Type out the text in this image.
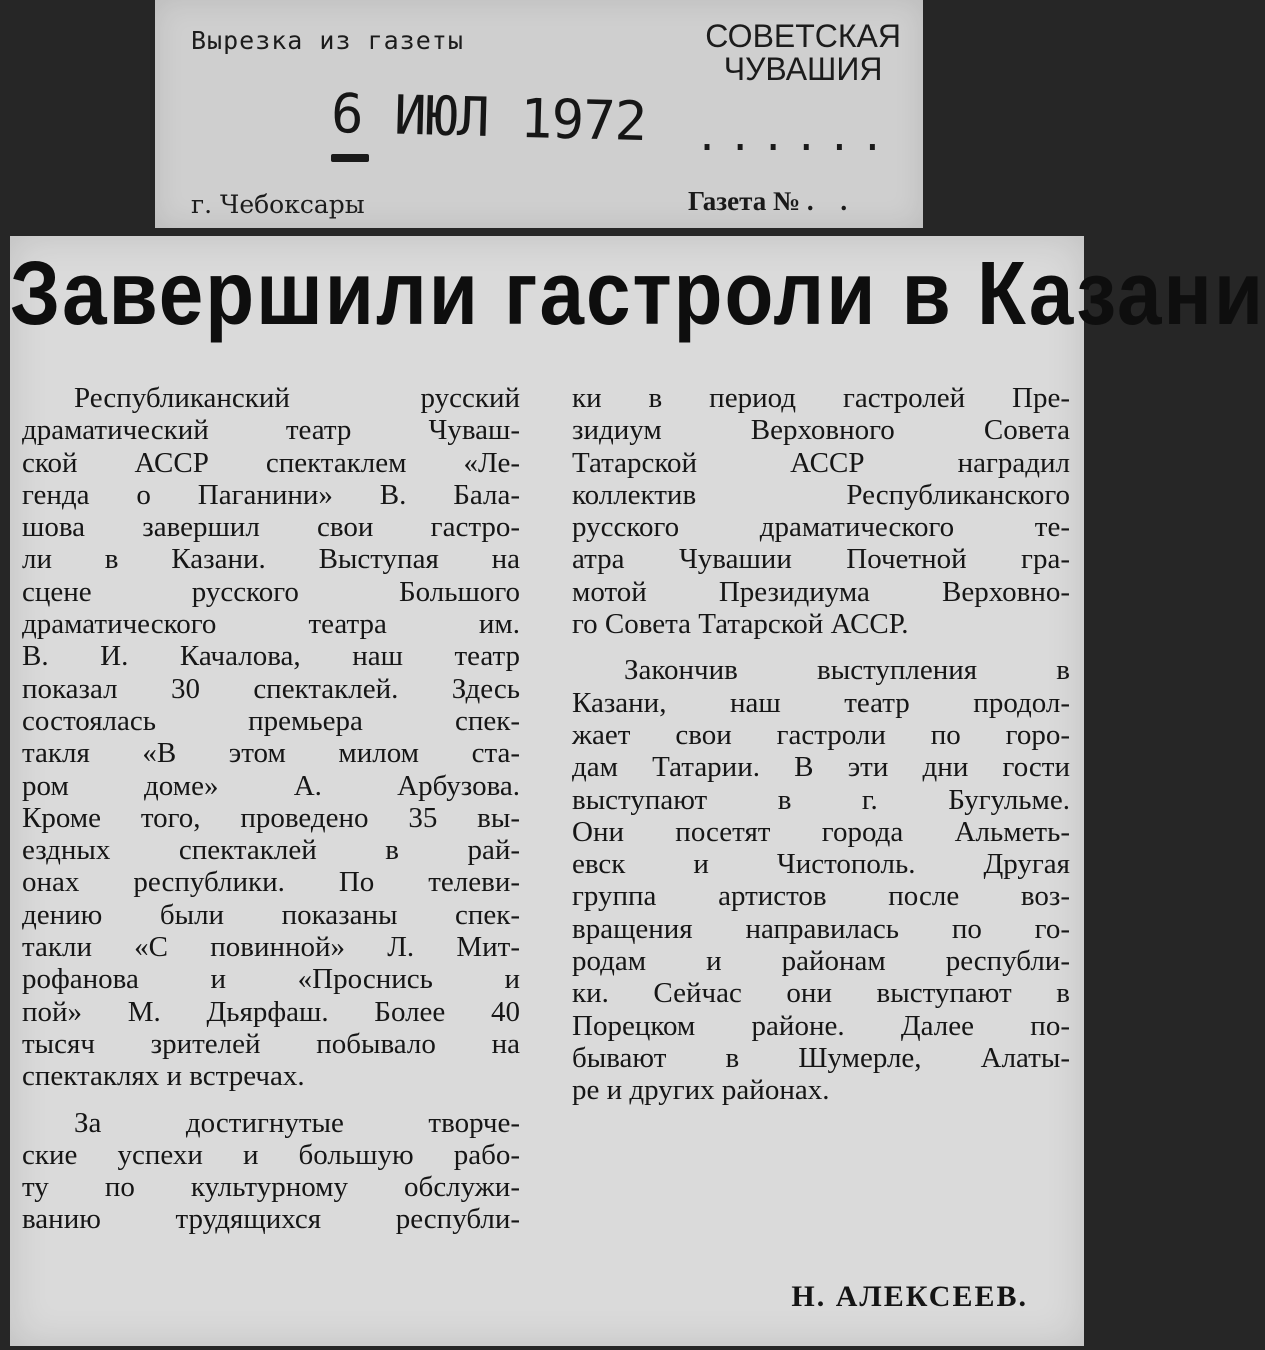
Вырезка из газеты	СОВЕТСКАЯ
ЧУВАШИЯ
6 ИЮЛ 1972 ......
г. Чебоксары	Газета № . .
Завершили гастроли в Казани

Республиканский русский
драматический театр Чуваш-
ской АССР спектаклем «Ле-
генда о Паганини» В. Бала-
шова завершил свои гастро-
ли в Казани. Выступая на
сцене русского Большого
драматического театра им.
В. И. Качалова, наш театр
показал 30 спектаклей. Здесь
состоялась премьера спек-
такля «В этом милом ста-
ром доме» А. Арбузова.
Кроме того, проведено 35 вы-
ездных спектаклей в рай-
онах республики. По телеви-
дению были показаны спек-
такли «С повинной» Л. Мит-
рофанова и «Проснись и
пой» М. Дьярфаш. Более 40
тысяч зрителей побывало на
спектаклях и встречах.

За достигнутые творче-
ские успехи и большую рабо-
ту по культурному обслужи-
ванию трудящихся республи-

ки в период гастролей Пре-
зидиум Верховного Совета
Татарской АССР наградил
коллектив Республиканского
русского драматического те-
атра Чувашии Почетной гра-
мотой Президиума Верховно-
го Совета Татарской АССР.

Закончив выступления в
Казани, наш театр продол-
жает свои гастроли по горо-
дам Татарии. В эти дни гости
выступают в г. Бугульме.
Они посетят города Альметь-
евск и Чистополь. Другая
группа артистов после воз-
вращения направилась по го-
родам и районам республи-
ки. Сейчас они выступают в
Порецком районе. Далее по-
бывают в Шумерле, Алаты-
ре и других районах.

Н. АЛЕКСЕЕВ.
